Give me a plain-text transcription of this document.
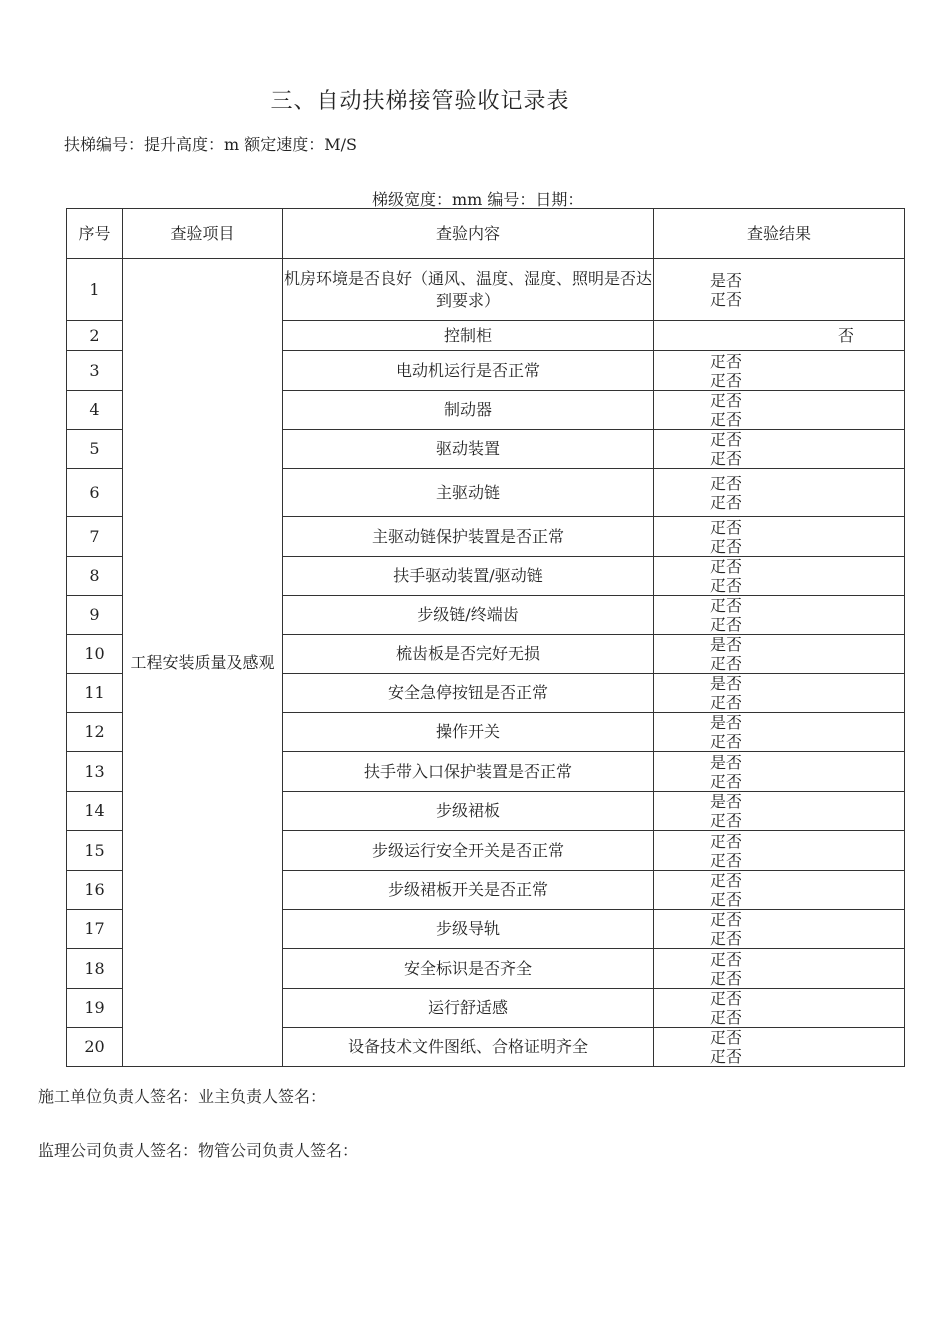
三、自动扶梯接管验收记录表
扶梯编号：提升高度：m 额定速度：M/S
梯级宽度：mm 编号：日期：
序号	查验项目	查验内容	查验结果
1	工程安装质量及感观	机房环境是否良好（通风、温度、湿度、照明是否达到要求）	是否
疋否

2		控制柜	否

3		电动机运行是否正常	疋否
疋否

4		制动器	疋否
疋否

5		驱动装置	疋否
疋否

6		主驱动链	疋否
疋否

7		主驱动链保护装置是否正常	疋否
疋否

8		扶手驱动装置/驱动链	疋否
疋否

9		步级链/终端齿	疋否
疋否

10		梳齿板是否完好无损	是否
疋否

11		安全急停按钮是否正常	是否
疋否

12		操作开关	是否
疋否

13		扶手带入口保护装置是否正常	是否
疋否

14		步级裙板	是否
疋否

15		步级运行安全开关是否正常	疋否
疋否

16		步级裙板开关是否正常	疋否
疋否

17		步级导轨	疋否
疋否

18		安全标识是否齐全	疋否
疋否

19		运行舒适感	疋否
疋否

20		设备技术文件图纸、合格证明齐全	疋否
疋否
施工单位负责人签名：业主负责人签名：
监理公司负责人签名：物管公司负责人签名：
